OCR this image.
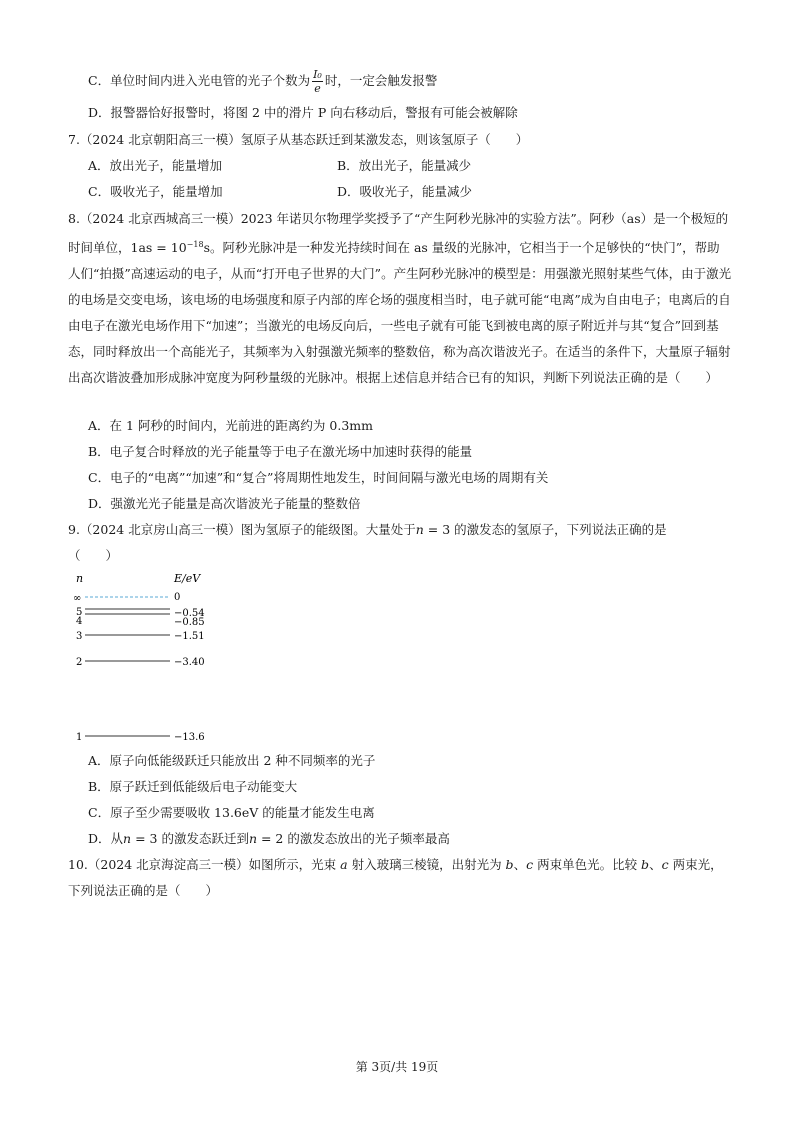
C．单位时间内进入光电管的光子个数为 $\frac{\text{I₀}}{e}$ 时，一定会触发报警
D．报警器恰好报警时，将图 2 中的滑片 P 向右移动后，警报有可能会被解除
7.（2024 北京朝阳高三一模）氢原子从基态跃迁到某激发态，则该氢原子（　　）
A．放出光子，能量增加	B．放出光子，能量减少
C．吸收光子，能量增加	D．吸收光子，能量减少
8.（2024 北京西城高三一模）2023 年诺贝尔物理学奖授予了“产生阿秒光脉冲的实验方法”。阿秒（as）是一个极短的时间单位，$1as = 10^{-18}s$。阿秒光脉冲是一种发光持续时间在 as 量级的光脉冲，它相当于一个足够快的“快门”，帮助人们“拍摄”高速运动的电子，从而“打开电子世界的大门”。产生阿秒光脉冲的模型是：用强激光照射某些气体，由于激光的电场是交变电场，该电场的电场强度和原子内部的库仑场的强度相当时，电子就可能“电离”成为自由电子；电离后的自由电子在激光电场作用下“加速”；当激光的电场反向后，一些电子就有可能飞到被电离的原子附近并与其“复合”回到基态，同时释放出一个高能光子，其频率为入射强激光频率的整数倍，称为高次谐波光子。在适当的条件下，大量原子辐射出高次谐波叠加形成脉冲宽度为阿秒量级的光脉冲。根据上述信息并结合已有的知识，判断下列说法正确的是（　　）
A．在 1 阿秒的时间内，光前进的距离约为 0.3mm
B．电子复合时释放的光子能量等于电子在激光场中加速时获得的能量
C．电子的“电离”“加速”和“复合”将周期性地发生，时间间隔与激光电场的周期有关
D．强激光光子能量是高次谐波光子能量的整数倍
9.（2024 北京房山高三一模）图为氢原子的能级图。大量处于n = 3 的激发态的氢原子，下列说法正确的是
（　　）
n	E/eV
∞	0
5	−0.54
4	−0.85
3	−1.51
2	−3.40
1	−13.6
A．原子向低能级跃迁只能放出 2 种不同频率的光子
B．原子跃迁到低能级后电子动能变大
C．原子至少需要吸收 13.6eV 的能量才能发生电离
D．从n = 3 的激发态跃迁到n = 2 的激发态放出的光子频率最高
10.（2024 北京海淀高三一模）如图所示，光束 a 射入玻璃三棱镜，出射光为 b、c 两束单色光。比较 b、c 两束光，下列说法正确的是（　　）
第 3页/共 19页
